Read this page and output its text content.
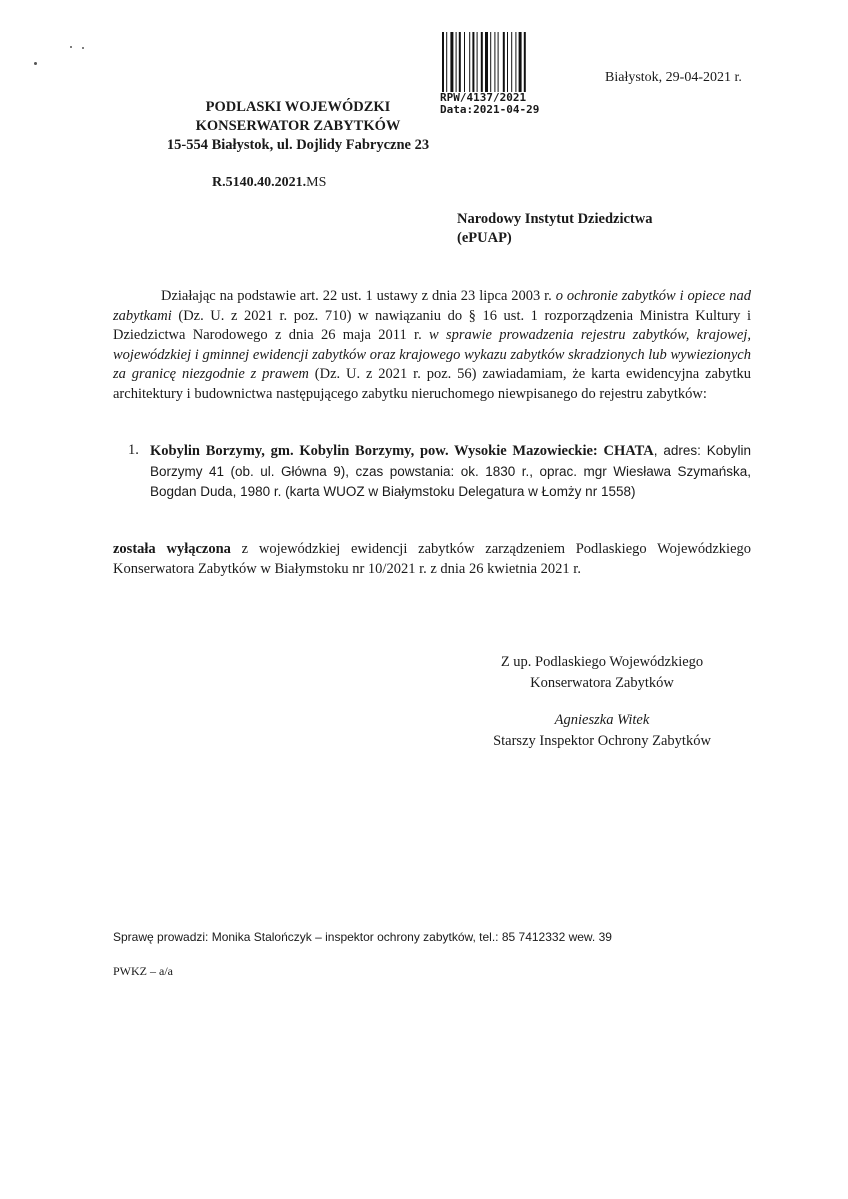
RPW/4137/2021
Data:2021-04-29
Białystok, 29-04-2021 r.
PODLASKI WOJEWÓDZKI
KONSERWATOR ZABYTKÓW
15-554 Białystok, ul. Dojlidy Fabryczne 23
R.5140.40.2021.MS
Narodowy Instytut Dziedzictwa
(ePUAP)
Działając na podstawie art. 22 ust. 1 ustawy z dnia 23 lipca 2003 r. o ochronie zabytków i opiece nad zabytkami (Dz. U. z 2021 r. poz. 710) w nawiązaniu do § 16 ust. 1 rozporządzenia Ministra Kultury i Dziedzictwa Narodowego z dnia 26 maja 2011 r. w sprawie prowadzenia rejestru zabytków, krajowej, wojewódzkiej i gminnej ewidencji zabytków oraz krajowego wykazu zabytków skradzionych lub wywiezionych za granicę niezgodnie z prawem (Dz. U. z 2021 r. poz. 56) zawiadamiam, że karta ewidencyjna zabytku architektury i budownictwa następującego zabytku nieruchomego niewpisanego do rejestru zabytków:
1. Kobylin Borzymy, gm. Kobylin Borzymy, pow. Wysokie Mazowieckie: CHATA, adres: Kobylin Borzymy 41 (ob. ul. Główna 9), czas powstania: ok. 1830 r., oprac. mgr Wiesława Szymańska, Bogdan Duda, 1980 r. (karta WUOZ w Białymstoku Delegatura w Łomży nr 1558)
została wyłączona z wojewódzkiej ewidencji zabytków zarządzeniem Podlaskiego Wojewódzkiego Konserwatora Zabytków w Białymstoku nr 10/2021 r. z dnia 26 kwietnia 2021 r.
Z up. Podlaskiego Wojewódzkiego
Konserwatora Zabytków
Agnieszka Witek
Starszy Inspektor Ochrony Zabytków
Sprawę prowadzi: Monika Stalończyk – inspektor ochrony zabytków, tel.: 85 7412332 wew. 39
PWKZ – a/a
